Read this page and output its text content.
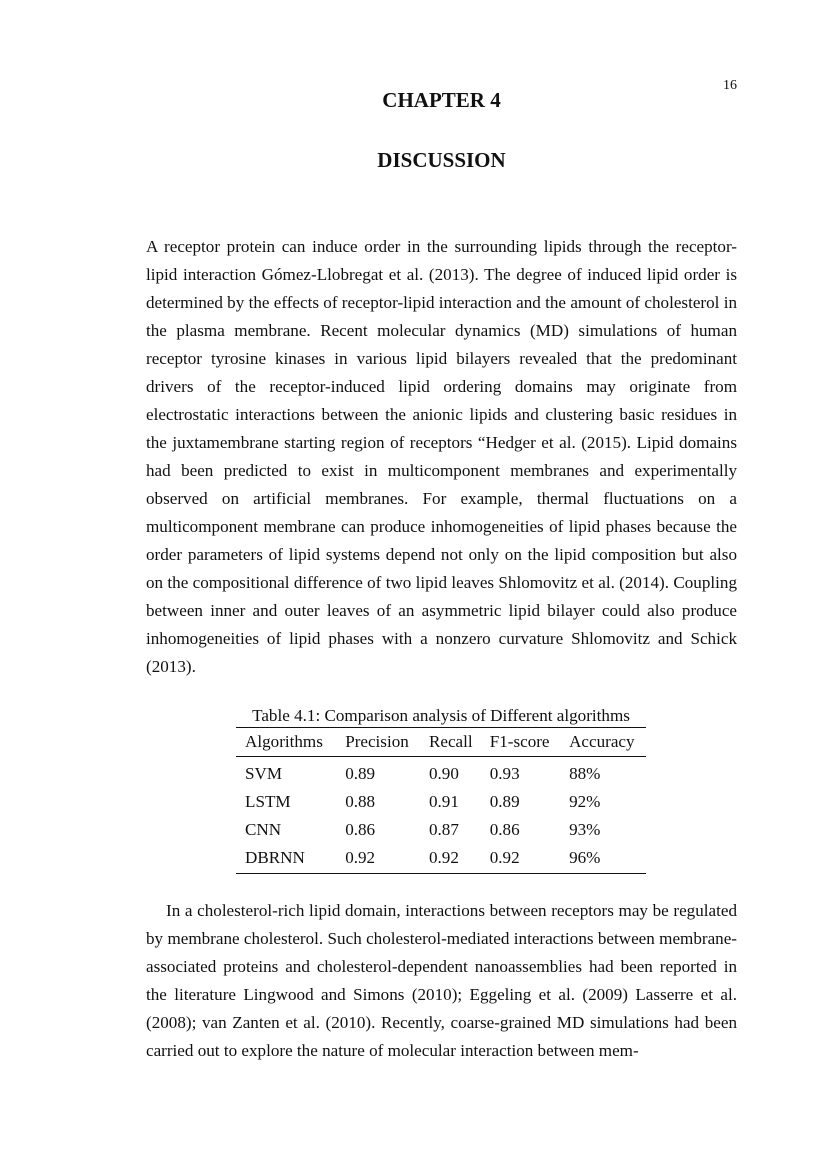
16
CHAPTER 4
DISCUSSION

A receptor protein can induce order in the surrounding lipids through the receptor-lipid interaction Gómez-Llobregat et al. (2013). The degree of induced lipid order is determined by the effects of receptor-lipid interaction and the amount of cholesterol in the plasma membrane. Recent molecular dynamics (MD) simulations of human receptor tyrosine kinases in various lipid bilayers revealed that the predominant drivers of the receptor-induced lipid ordering domains may originate from electrostatic interactions between the anionic lipids and clustering basic residues in the juxtamembrane starting region of receptors “Hedger et al. (2015). Lipid domains had been predicted to exist in multicomponent membranes and experimentally observed on artificial membranes. For example, thermal fluctuations on a multicomponent membrane can produce inhomogeneities of lipid phases because the order parameters of lipid systems depend not only on the lipid composition but also on the compositional difference of two lipid leaves Shlomovitz et al. (2014). Coupling between inner and outer leaves of an asymmetric lipid bilayer could also produce inhomogeneities of lipid phases with a nonzero curvature Shlomovitz and Schick (2013).

Table 4.1: Comparison analysis of Different algorithms
Algorithms	Precision	Recall	F1-score	Accuracy
SVM	0.89	0.90	0.93	88%
LSTM	0.88	0.91	0.89	92%
CNN	0.86	0.87	0.86	93%
DBRNN	0.92	0.92	0.92	96%

In a cholesterol-rich lipid domain, interactions between receptors may be regulated by membrane cholesterol. Such cholesterol-mediated interactions between membrane-associated proteins and cholesterol-dependent nanoassemblies had been reported in the literature Lingwood and Simons (2010); Eggeling et al. (2009) Lasserre et al. (2008); van Zanten et al. (2010). Recently, coarse-grained MD simulations had been carried out to explore the nature of molecular interaction between mem-
